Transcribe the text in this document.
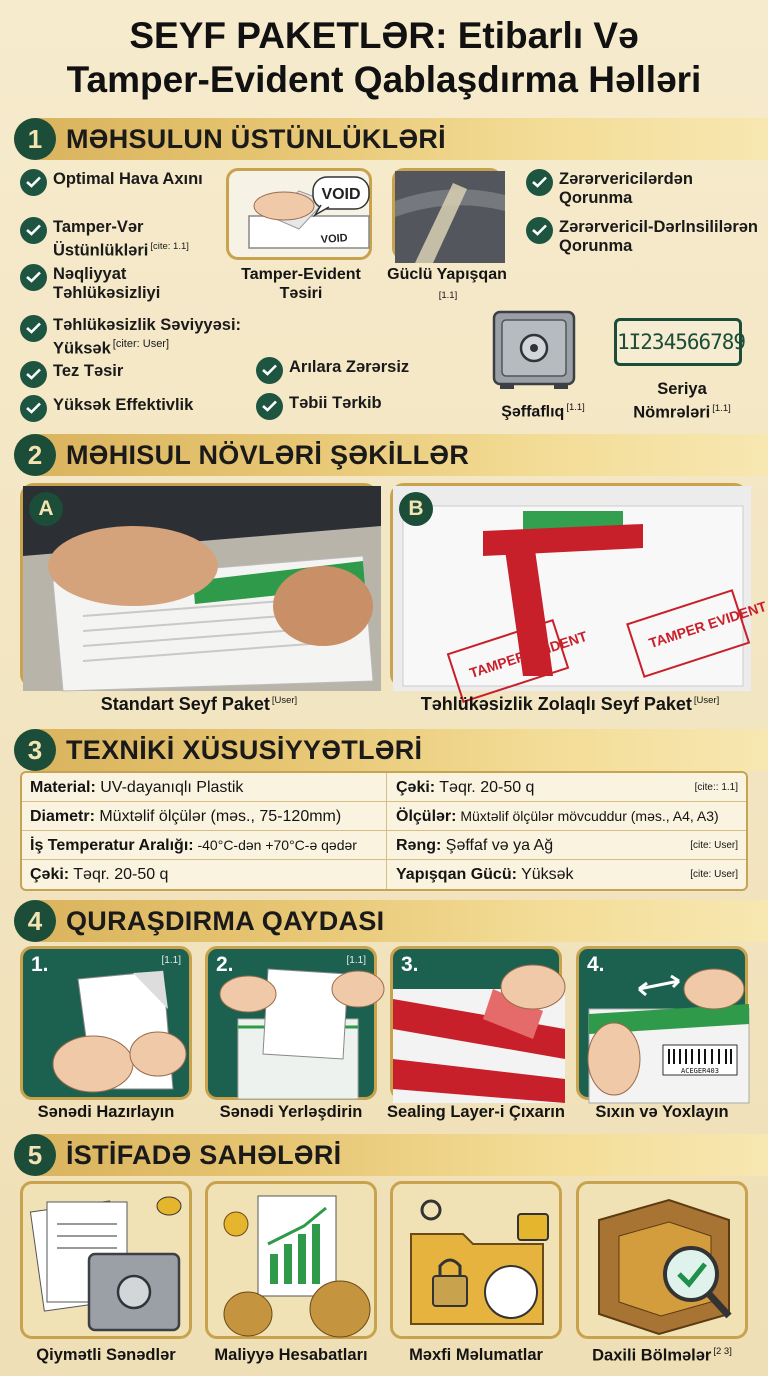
SEYF PAKETLƏR: Etibarlı Və
Tamper-Evident Qablaşdırma Həlləri
1 MƏHSULUN ÜSTÜNLÜKLƏRİ
Optimal Hava Axını
Tamper-Vər Üstünlükləri [cite: 1.1]
Nəqliyyat Təhlükəsizliyi
Təhlükəsizlik Səviyyəsi: Yüksək [citer: User]
Tez Təsir
Yüksək Effektivlik
Arılara Zərərsiz
Təbii Tərkib
Zərərvericilərdən Qorunma
Zərərvericil-Dərlnsililərən Qorunma
VOID
VOID
Tamper-Evident Təsiri
Güclü Yapışqan
[1.1]
Şəffaflıq [1.1]
1I234566789
Seriya Nömrələri [1.1]
2 MƏHISUL NÖVLƏRİ ŞƏKİLLƏR
A
Standart Seyf Paket [User]
TAMPER EVIDENT
TAMPER EVIDENT
B
Təhlükəsizlik Zolaqlı Seyf Paket [User]
3 TEXNİKİ XÜSUSİYYƏTLƏRİ
Material: UV-dayanıqlı Plastik	Çəki: Təqr. 20-50 q	[cite:: 1.1]
Diametr: Müxtəlif ölçülər (məs., 75-120mm)	Ölçülər: Müxtəlif ölçülər mövcuddur (məs., A4, A3)
İş Temperatur Aralığı: -40°C-dən +70°C-ə qədər	Rəng: Şəffaf və ya Ağ	[cite: User]
Çəki: Təqr. 20-50 q	Yapışqan Gücü: Yüksək	[cite: User]
4 QURAŞDIRMA QAYDASI
1.	[1.1] 2.	[1.1] 3.
ACEGER403
4.
Sənədi Hazırlayın	Sənədi Yerləşdirin	Sealing Layer-i Çıxarın	Sıxın və Yoxlayın
5 İSTİFADƏ SAHƏLƏRİ
Qiymətli Sənədlər	Maliyyə Hesabatları	Məxfi Məlumatlar	Daxili Bölmələr [2 3]
